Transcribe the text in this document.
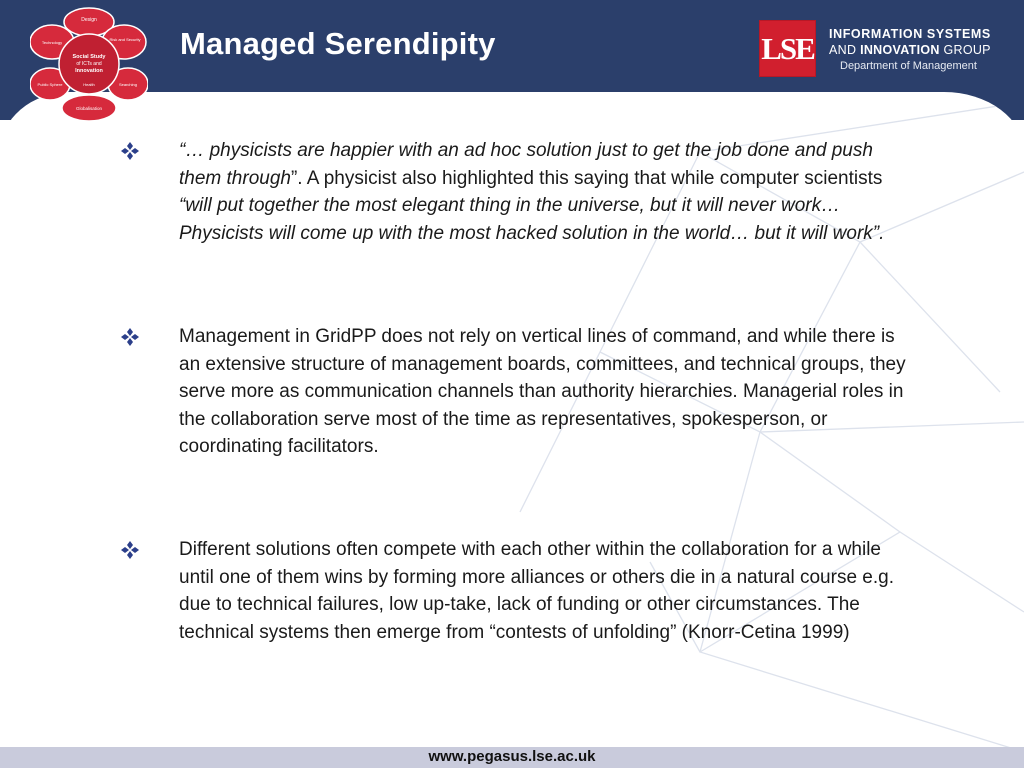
Design
Risk and Security
Searching
Globalisation
Public Sphere
Technology
Social Study
of ICTs and
Innovation
Health
Managed Serendipity	LSE INFORMATION SYSTEMS
AND INNOVATION GROUP
Department of Management
“… physicists are happier with an ad hoc solution just to get the job done and push them through”. A physicist also highlighted this saying that while computer scientists “will put together the most elegant thing in the universe, but it will never work… Physicists will come up with the most hacked solution in the world… but it will work”.
Management in GridPP does not rely on vertical lines of command, and while there is an extensive structure of management boards, committees, and technical groups, they serve more as communication channels than authority hierarchies. Managerial roles in the collaboration serve most of the time as representatives, spokesperson, or coordinating facilitators.
Different solutions often compete with each other within the collaboration for a while until one of them wins by forming more alliances or others die in a natural course e.g. due to technical failures, low up-take, lack of funding or other circumstances. The technical systems then emerge from “contests of unfolding” (Knorr-Cetina 1999)
www.pegasus.lse.ac.uk
